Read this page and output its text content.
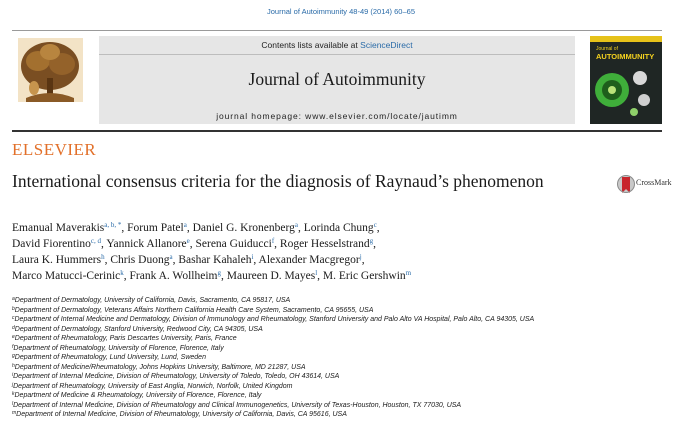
Journal of Autoimmunity 48-49 (2014) 60–65
ELSEVIER
Contents lists available at ScienceDirect
Journal of Autoimmunity
journal homepage: www.elsevier.com/locate/jautimm
Journal of
AUTOIMMUNITY
International consensus criteria for the diagnosis of Raynaud’s phenomenon	CrossMark
Emanual Maverakis$^{a, b, *}$, Forum Patel$^a$, Daniel G. Kronenberg$^a$, Lorinda Chung$^c$,
David Fiorentino$^{c, d}$, Yannick Allanore$^e$, Serena Guiducci$^f$, Roger Hesselstrand$^g$,
Laura K. Hummers$^h$, Chris Duong$^a$, Bashar Kahaleh$^i$, Alexander Macgregor$^j$,
Marco Matucci-Cerinic$^k$, Frank A. Wollheim$^g$, Maureen D. Mayes$^l$, M. Eric Gershwin$^m$
$^a$Department of Dermatology, University of California, Davis, Sacramento, CA 95817, USA
$^b$Department of Dermatology, Veterans Affairs Northern California Health Care System, Sacramento, CA 95655, USA
$^c$Department of Internal Medicine and Dermatology, Division of Immunology and Rheumatology, Stanford University and Palo Alto VA Hospital, Palo Alto, CA 94305, USA
$^d$Department of Dermatology, Stanford University, Redwood City, CA 94305, USA
$^e$Department of Rheumatology, Paris Descartes University, Paris, France
$^f$Department of Rheumatology, University of Florence, Florence, Italy
$^g$Department of Rheumatology, Lund University, Lund, Sweden
$^h$Department of Medicine/Rheumatology, Johns Hopkins University, Baltimore, MD 21287, USA
$^i$Department of Internal Medicine, Division of Rheumatology, University of Toledo, Toledo, OH 43614, USA
$^j$Department of Rheumatology, University of East Anglia, Norwich, Norfolk, United Kingdom
$^k$Department of Medicine & Rheumatology, University of Florence, Florence, Italy
$^l$Department of Internal Medicine, Division of Rheumatology and Clinical Immunogenetics, University of Texas-Houston, Houston, TX 77030, USA
$^m$Department of Internal Medicine, Division of Rheumatology, University of California, Davis, CA 95616, USA
